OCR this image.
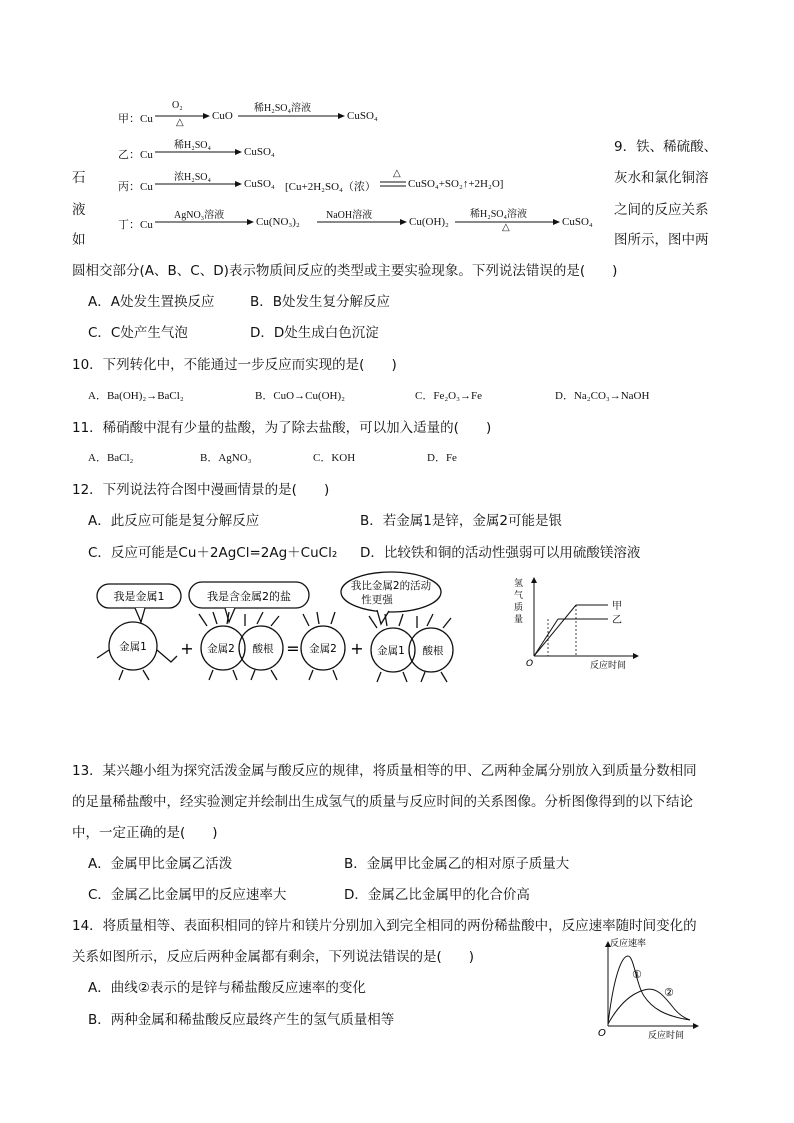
甲：Cu
O₂
△
CuO
稀H₂SO₄溶液
CuSO₄
乙：Cu
稀H₂SO₄
CuSO₄
丙：Cu
浓H₂SO₄
CuSO₄ [Cu+2H₂SO₄（浓）
△
CuSO₄+SO₂↑+2H₂O]
丁：Cu
AgNO₃溶液
Cu(NO₃)₂
NaOH溶液
Cu(OH)₂
稀H₂SO₄溶液
△	CuSO₄
9．铁、稀硫酸、
石	灰水和氯化铜溶
液	之间的反应关系
如	图所示，图中两
圆相交部分(A、B、C、D)表示物质间反应的类型或主要实验现象。下列说法错误的是(　　)
A．A处发生置换反应	B．B处发生复分解反应
C．C处产生气泡	D．D处生成白色沉淀
10．下列转化中，不能通过一步反应而实现的是(　　)
A．Ba(OH)₂→BaCl₂	B．CuO→Cu(OH)₂	C．Fe₂O₃→Fe	D．Na₂CO₃→NaOH
11．稀硝酸中混有少量的盐酸，为了除去盐酸，可以加入适量的(　　)
A．BaCl₂	B．AgNO₃	C．KOH	D．Fe
12．下列说法符合图中漫画情景的是(　　)
A．此反应可能是复分解反应	B．若金属1是锌，金属2可能是银
C．反应可能是Cu＋2AgCl=2Ag＋CuCl₂ D．比较铁和铜的活动性强弱可以用硫酸镁溶液
我是金属1	我是含金属2的盐
我比金属2的活动
性更强
金属1 + 金属2 酸根 = 金属2 + 金属1 酸根
氢
气
质
量
O	反应时间
甲
乙
13．某兴趣小组为探究活泼金属与酸反应的规律，将质量相等的甲、乙两种金属分别放入到质量分数相同
的足量稀盐酸中，经实验测定并绘制出生成氢气的质量与反应时间的关系图像。分析图像得到的以下结论
中，一定正确的是(　　)
A．金属甲比金属乙活泼	B．金属甲比金属乙的相对原子质量大
C．金属乙比金属甲的反应速率大	D．金属乙比金属甲的化合价高
14．将质量相等、表面积相同的锌片和镁片分别加入到完全相同的两份稀盐酸中，反应速率随时间变化的
关系如图所示，反应后两种金属都有剩余，下列说法错误的是(　　)
A．曲线②表示的是锌与稀盐酸反应速率的变化
B．两种金属和稀盐酸反应最终产生的氢气质量相等
反应速率
①
②
O	反应时间
